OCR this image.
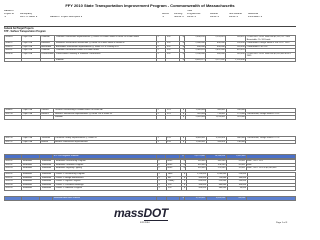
FFY 2010 State Transportation Improvement Program - Commonwealth of Massachusetts
MassDOT	Total
Project ID	Municipality	District	Funding	Programmed	Federal	Non-Federal	Additional
▼	MPO ▼ Name ▼	MassDOT Project Description▼	▼	Source ▼	Funds ▼	Funds ▼	Funds ▼	Information ▼
Federal Aid Target Projects
STP - Surface Transportation Program
605663	Cape Cod	Chatham	Chatham- Intersection Improvements @ Route 28 & Main Street & Route 28 & Barn Street	5	STP	$	1,400,109	1,120,074	280,022	CONSTRUCTION: Total cost $1,559,722 - See Barnstable: Ch. 90 Funds
606322	Cape Cod	Falmouth	Falmouth- Reconstruct Intersection @ Route 28 & Main Street & Gifford St	5	STP	$	1,000,000	800,000	200,000	Construction: Design Status = Pre 25% / TFPC
604322	Cape Cod	Barnstable	Barnstable- Intersection Improvements @ Route 132 & Phinney's Ln	5	STP	$	800,000	640,000	160,000	Construction: Pre 25%
605147	Cape Cod	Chatham	Chatham- Reconstruct Route 28 & Main Street	5	STP	$	2,065,118	1,652,094	413,024	
602456	Cape Cod	Provincetown	Provincetown- Bikeway & Sidewalk Construction	5	STP	$	1,200,000	960,000	240,000	CONSTRUCTION: Total cost $2,059,000 of FFY 2009
			Subtotal			$	6,465,227	5,172,182	1,293,046	
604862	Cape Cod	Orleans	Orleans- Resurfacing & Related Work On Route 6A	5	STP	$	1,200,000	960,000	240,000	
605734	Cape Cod	Harwich	Harwich- Intersection Improvements @ Route 124 & Route 39	5	STP	$	895,000	716,000	179,000	Construction; Design Status = 25%
			Subtotal			$	2,095,000	1,676,000	419,000	
605750	Cape Cod	Yarmouth	Yarmouth- Safety Improvements @ Route 28	5	STP	$	4,400,000	3,520,000	880,000	Construction, Design Status = 75%
605751	Cape Cod	Bourne	Bourne- Intersection Improvements	5	STP	$	1,180,000	944,000	236,000	
			STP Pre-Regional Subtotal			$	13,175,000	10,540,000	2,635,000	
605101	Statewide	Statewide	Statewide- Resurfacing Program	5	HSIP	$	550,000	495,000	55,000	HSIP, TFPC 25%
605102	Statewide	Statewide	Statewide- Guardrail Program	5	HSIP	$	420,000	378,000	42,000	HSIP
605103	Statewide	Statewide	Statewide- Highway Lighting	5	HSIP	$	310,000	279,000	31,000	HSIP, TFPC 25% of $1,060,000
605201	Statewide	Statewide	District 5- Resurfacing Program	5	NHS	$	1,250,000	1,000,000	250,000	
605202	Statewide	Statewide	District 5- Bridge Maintenance	5	BR	$	900,000	720,000	180,000	
605203	Statewide	Statewide	District 5- Signals Program	5	CMAQ	$	650,000	520,000	130,000	
605204	Statewide	Statewide	District 5- Pavement Markings	5	STP	$	500,000	400,000	100,000	
605205	Statewide	Statewide	District 5- Sidewalk Program	5	STP	$	450,000	360,000	90,000	
			Statewide Allocated Subtotal			$	3,750,000	3,000,000	750,000	
massDOT
5/21/2010	Page 1 of 3
